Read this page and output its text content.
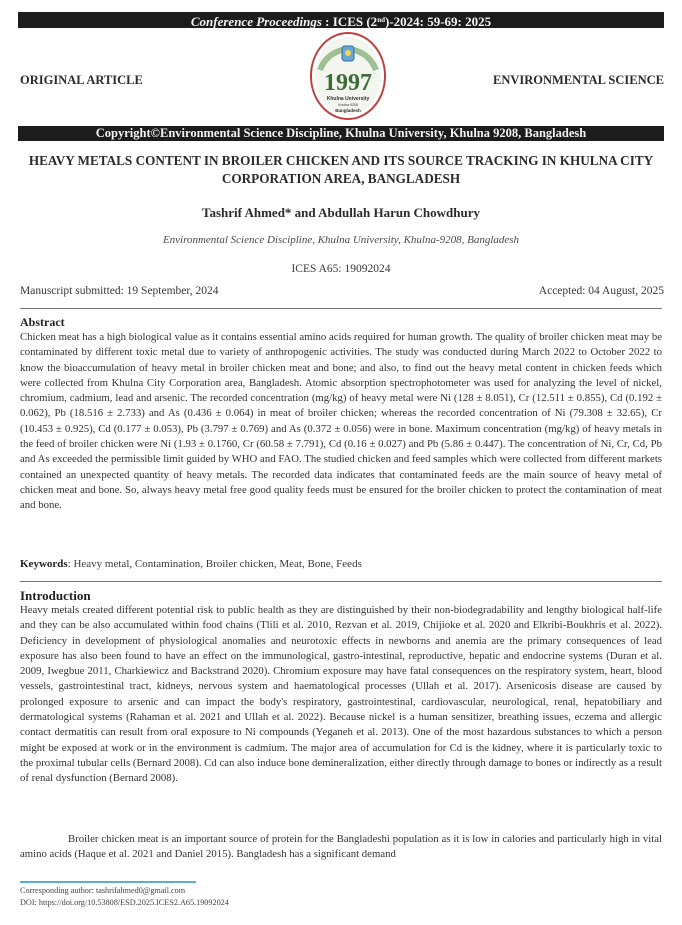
Conference Proceedings : ICES (2nd)-2024: 59-69: 2025
ORIGINAL ARTICLE	ENVIRONMENTAL SCIENCE
1997
Khulna University
Khulna 9208
Bangladesh
Copyright©Environmental Science Discipline, Khulna University, Khulna 9208, Bangladesh
HEAVY METALS CONTENT IN BROILER CHICKEN AND ITS SOURCE TRACKING IN KHULNA CITY CORPORATION AREA, BANGLADESH
Tashrif Ahmed* and Abdullah Harun Chowdhury
Environmental Science Discipline, Khulna University, Khulna-9208, Bangladesh
ICES A65: 19092024
Manuscript submitted: 19 September, 2024	Accepted: 04 August, 2025
Abstract
Chicken meat has a high biological value as it contains essential amino acids required for human growth. The quality of broiler chicken meat may be contaminated by different toxic metal due to variety of anthropogenic activities. The study was conducted during March 2022 to October 2022 to know the bioaccumulation of heavy metal in broiler chicken meat and bone; and also, to find out the heavy metal content in chicken feeds which were collected from Khulna City Corporation area, Bangladesh. Atomic absorption spectrophotometer was used for analyzing the level of nickel, chromium, cadmium, lead and arsenic. The recorded concentration (mg/kg) of heavy metal were Ni (128 ± 8.051), Cr (12.511 ± 0.855), Cd (0.192 ± 0.062), Pb (18.516 ± 2.733) and As (0.436 ± 0.064) in meat of broiler chicken; whereas the recorded concentration of Ni (79.308 ± 32.65), Cr (10.453 ± 0.925), Cd (0.177 ± 0.053), Pb (3.797 ± 0.769) and As (0.372 ± 0.056) were in bone. Maximum concentration (mg/kg) of heavy metals in the feed of broiler chicken were Ni (1.93 ± 0.1760, Cr (60.58 ± 7.791), Cd (0.16 ± 0.027) and Pb (5.86 ± 0.447). The concentration of Ni, Cr, Cd, Pb and As exceeded the permissible limit guided by WHO and FAO. The studied chicken and feed samples which were collected from different markets contained an unexpected quantity of heavy metals. The recorded data indicates that contaminated feeds are the main source of heavy metal of chicken meat and bone. So, always heavy metal free good quality feeds must be ensured for the broiler chicken to protect the contamination of meat and bone.
Keywords: Heavy metal, Contamination, Broiler chicken, Meat, Bone, Feeds
Introduction
Heavy metals created different potential risk to public health as they are distinguished by their non-biodegradability and lengthy biological half-life and they can be also accumulated within food chains (Tlili et al. 2010, Rezvan et al. 2019, Chijioke et al. 2020 and Elkribi-Boukhris et al. 2022). Deficiency in development of physiological anomalies and neurotoxic effects in newborns and anemia are the primary consequences of lead exposure has also been found to have an effect on the immunological, gastro-intestinal, reproductive, hepatic and endocrine systems (Duran et al. 2009, Iwegbue 2011, Charkiewicz and Backstrand 2020). Chromium exposure may have fatal consequences on the respiratory system, heart, blood vessels, gastrointestinal tract, kidneys, nervous system and haematological processes (Ullah et al. 2017). Arsenicosis disease are caused by prolonged exposure to arsenic and can impact the body's respiratory, gastrointestinal, cardiovascular, neurological, renal, hepatobiliary and dermatological systems (Rahaman et al. 2021 and Ullah et al. 2022). Because nickel is a human sensitizer, breathing issues, eczema and allergic contact dermatitis can result from oral exposure to Ni compounds (Yeganeh et al. 2013). One of the most hazardous substances to which a person might be exposed at work or in the environment is cadmium. The major area of accumulation for Cd is the kidney, where it is particularly toxic to the proximal tubular cells (Bernard 2008). Cd can also induce bone demineralization, either directly through damage to bones or indirectly as a result of renal dysfunction (Bernard 2008).
Broiler chicken meat is an important source of protein for the Bangladeshi population as it is low in calories and particularly high in vital amino acids (Haque et al. 2021 and Daniel 2015). Bangladesh has a significant demand
Corresponding author: tashrifahmed0@gmail.com
DOI: https://doi.org/10.53808/ESD.2025.ICES2.A65.19092024
